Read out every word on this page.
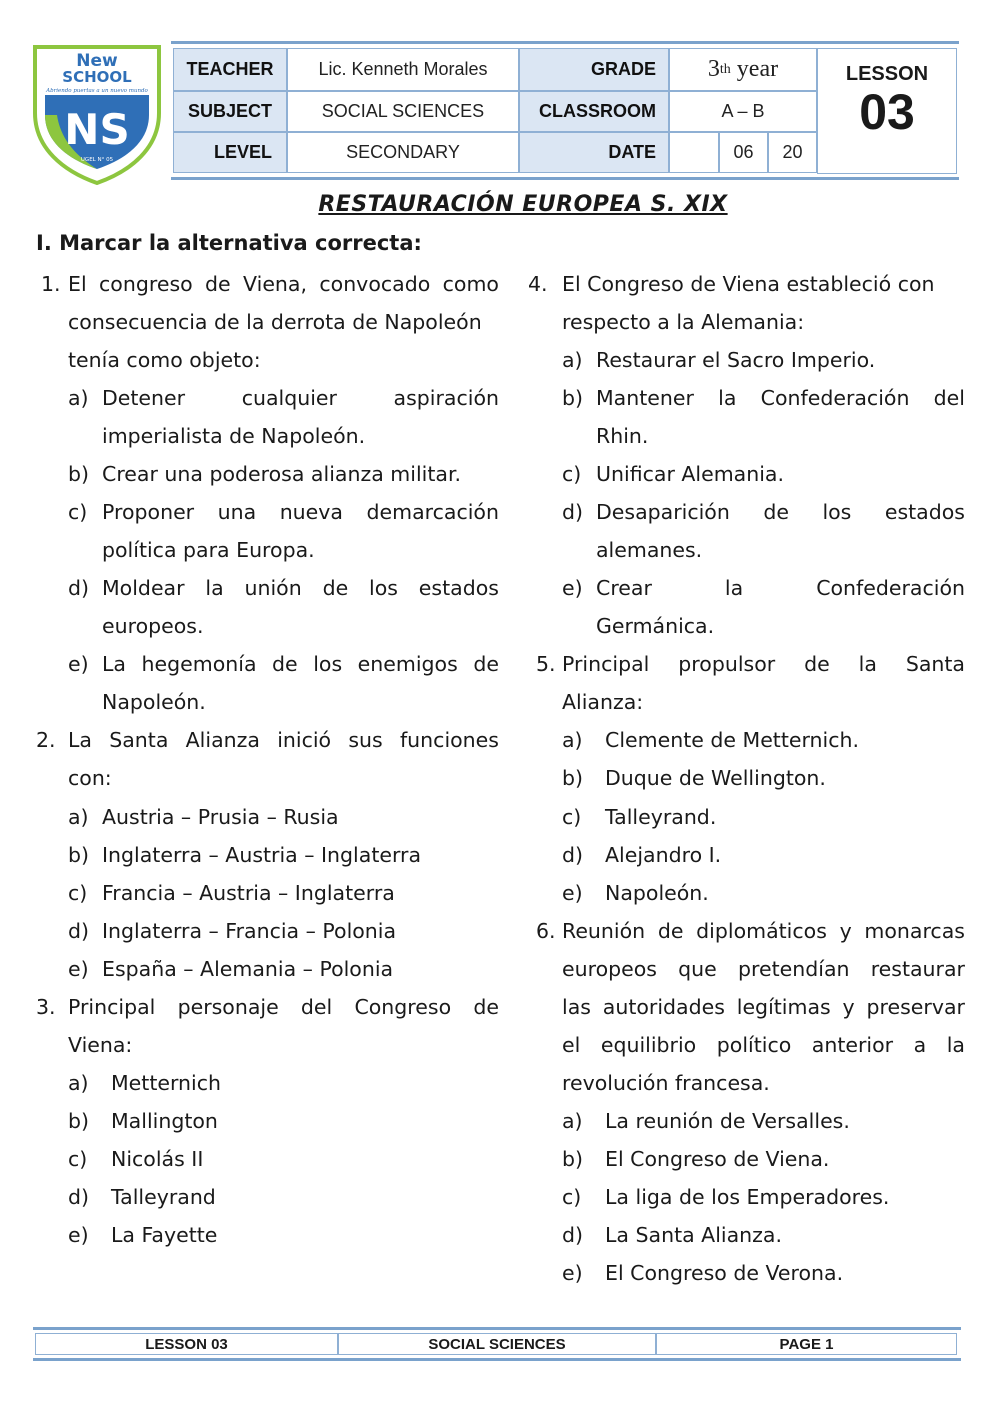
New
SCHOOL
Abriendo puertas a un nuevo mundo
NS
UGEL N° 05
TEACHER	Lic. Kenneth Morales	GRADE	3 th
year
SUBJECT	SOCIAL SCIENCES	CLASSROOM	A – B
LEVEL	SECONDARY	DATE	06	20
LESSON
03
RESTAURACIÓN EUROPEA S. XIX
I. Marcar la alternativa correcta:
1. El congreso de Viena, convocado como
consecuencia de la derrota de Napoleón
tenía como objeto:
a) Detener	cualquier	aspiración
imperialista de Napoleón.
b) Crear una poderosa alianza militar.
c) Proponer una nueva demarcación
política para Europa.
d) Moldear la unión de los estados
europeos.
e) La hegemonía de los enemigos de
Napoleón.
2. La Santa Alianza inició sus funciones
con:
a) Austria – Prusia – Rusia
b) Inglaterra – Austria – Inglaterra
c) Francia – Austria – Inglaterra
d) Inglaterra – Francia – Polonia
e) España – Alemania – Polonia
3. Principal personaje del Congreso de
Viena:
a) Metternich
b) Mallington
c) Nicolás II
d) Talleyrand
e) La Fayette
4. El Congreso de Viena estableció con
respecto a la Alemania:
a) Restaurar el Sacro Imperio.
b) Mantener la Confederación del
Rhin.
c) Unificar Alemania.
d) Desaparición de los estados
alemanes.
e) Crear	la	Confederación
Germánica.
5. Principal propulsor de la Santa
Alianza:
a) Clemente de Metternich.
b) Duque de Wellington.
c) Talleyrand.
d) Alejandro I.
e) Napoleón.
6. Reunión de diplomáticos y monarcas
europeos que pretendían restaurar
las autoridades legítimas y preservar
el equilibrio político anterior a la
revolución francesa.
a) La reunión de Versalles.
b) El Congreso de Viena.
c) La liga de los Emperadores.
d) La Santa Alianza.
e) El Congreso de Verona.
LESSON 03	SOCIAL SCIENCES	PAGE 1
